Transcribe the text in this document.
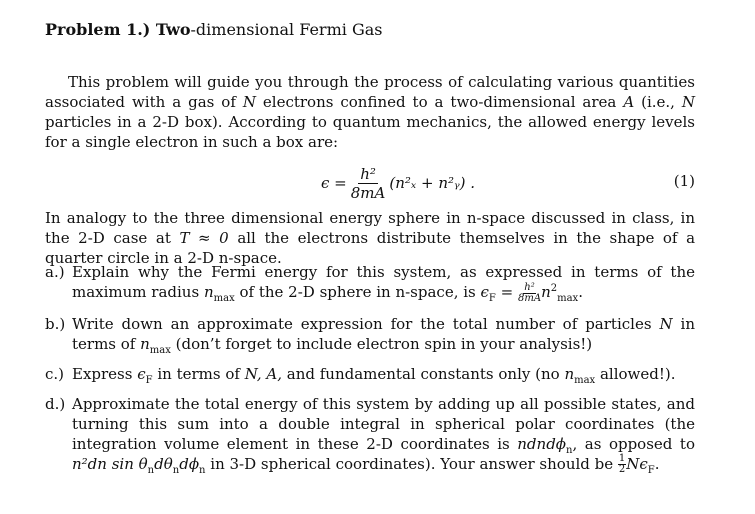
Problem 1.) Two-dimensional Fermi Gas
This problem will guide you through the process of calculating various quantities associated with a gas of N electrons confined to a two-dimensional area A (i.e., N particles in a 2-D box). According to quantum mechanics, the allowed energy levels for a single electron in such a box are:
$\epsilon = \frac{\text{h²}}{8mA} (n^2_x$ + n²ᵧ) .	(1)
In analogy to the three dimensional energy sphere in n-space discussed in class, in the 2-D case at T ≈ 0 all the electrons distribute themselves in the shape of a quarter circle in a 2-D n-space.
a.) Explain why the Fermi energy for this system, as expressed in terms of the maximum radius $n_{max}$ of the 2-D sphere in n-space, is $\epsilon_F = \frac{\text{h²}}{8mA} n^2_{max}$.
b.) Write down an approximate expression for the total number of particles N in terms of $n_{max}$ (don’t forget to include electron spin in your analysis!)
c.) Express $\epsilon_F$ in terms of N, A, and fundamental constants only (no $n_{max}$ allowed!).
d.) Approximate the total energy of this system by adding up all possible states, and turning this sum into a double integral in spherical polar coordinates (the integration volume element in these 2-D coordinates is ndndϕ$_n$, as opposed to n²dn $\sin \theta_nd\theta_nd\phi_n$ in 3-D spherical coordinates). Your answer should be $\frac{1}{2} N\epsilon_F$.
